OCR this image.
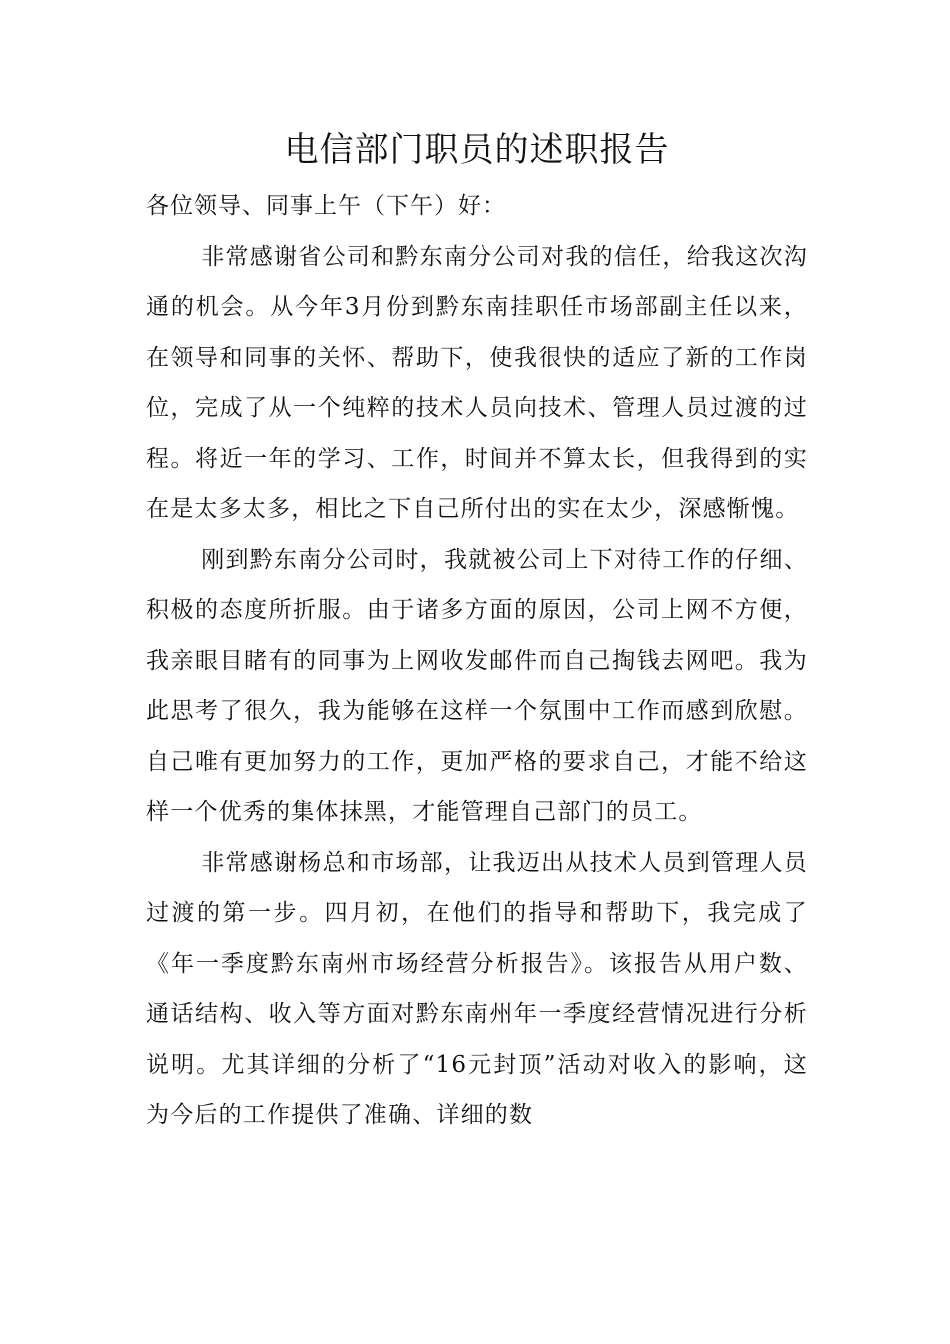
电信部门职员的述职报告

各位领导、同事上午（下午）好：

非常感谢省公司和黔东南分公司对我的信任，给我这次沟通的机会。从今年3月份到黔东南挂职任市场部副主任以来，在领导和同事的关怀、帮助下，使我很快的适应了新的工作岗位，完成了从一个纯粹的技术人员向技术、管理人员过渡的过程。将近一年的学习、工作，时间并不算太长，但我得到的实在是太多太多，相比之下自己所付出的实在太少，深感惭愧。

刚到黔东南分公司时，我就被公司上下对待工作的仔细、积极的态度所折服。由于诸多方面的原因，公司上网不方便，我亲眼目睹有的同事为上网收发邮件而自己掏钱去网吧。我为此思考了很久，我为能够在这样一个氛围中工作而感到欣慰。自己唯有更加努力的工作，更加严格的要求自己，才能不给这样一个优秀的集体抹黑，才能管理自己部门的员工。

非常感谢杨总和市场部，让我迈出从技术人员到管理人员过渡的第一步。四月初，在他们的指导和帮助下，我完成了《年一季度黔东南州市场经营分析报告》。该报告从用户数、通话结构、收入等方面对黔东南州年一季度经营情况进行分析说明。尤其详细的分析了“16元封顶”活动对收入的影响，这为今后的工作提供了准确、详细的数
